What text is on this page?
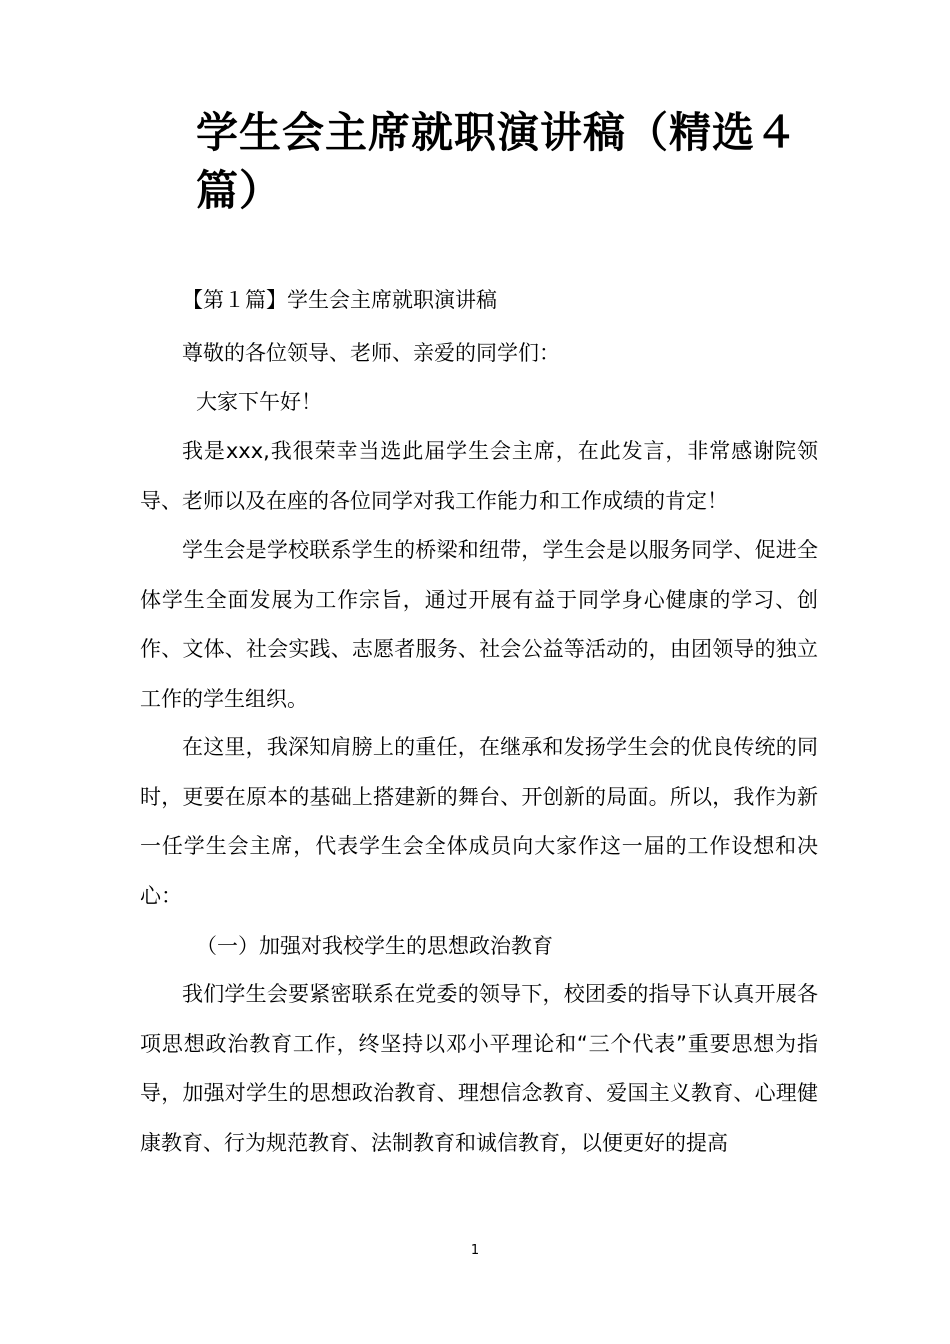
学生会主席就职演讲稿（精选４篇）

【第１篇】学生会主席就职演讲稿

尊敬的各位领导、老师、亲爱的同学们：

大家下午好！

我是xxx,我很荣幸当选此届学生会主席，在此发言，非常感谢院领导、老师以及在座的各位同学对我工作能力和工作成绩的肯定！

学生会是学校联系学生的桥梁和纽带，学生会是以服务同学、促进全体学生全面发展为工作宗旨，通过开展有益于同学身心健康的学习、创作、文体、社会实践、志愿者服务、社会公益等活动的，由团领导的独立工作的学生组织。

在这里，我深知肩膀上的重任，在继承和发扬学生会的优良传统的同时，更要在原本的基础上搭建新的舞台、开创新的局面。所以，我作为新一任学生会主席，代表学生会全体成员向大家作这一届的工作设想和决心：

（一）加强对我校学生的思想政治教育

我们学生会要紧密联系在党委的领导下，校团委的指导下认真开展各项思想政治教育工作，终坚持以邓小平理论和“三个代表”重要思想为指导，加强对学生的思想政治教育、理想信念教育、爱国主义教育、心理健康教育、行为规范教育、法制教育和诚信教育，以便更好的提高

1
